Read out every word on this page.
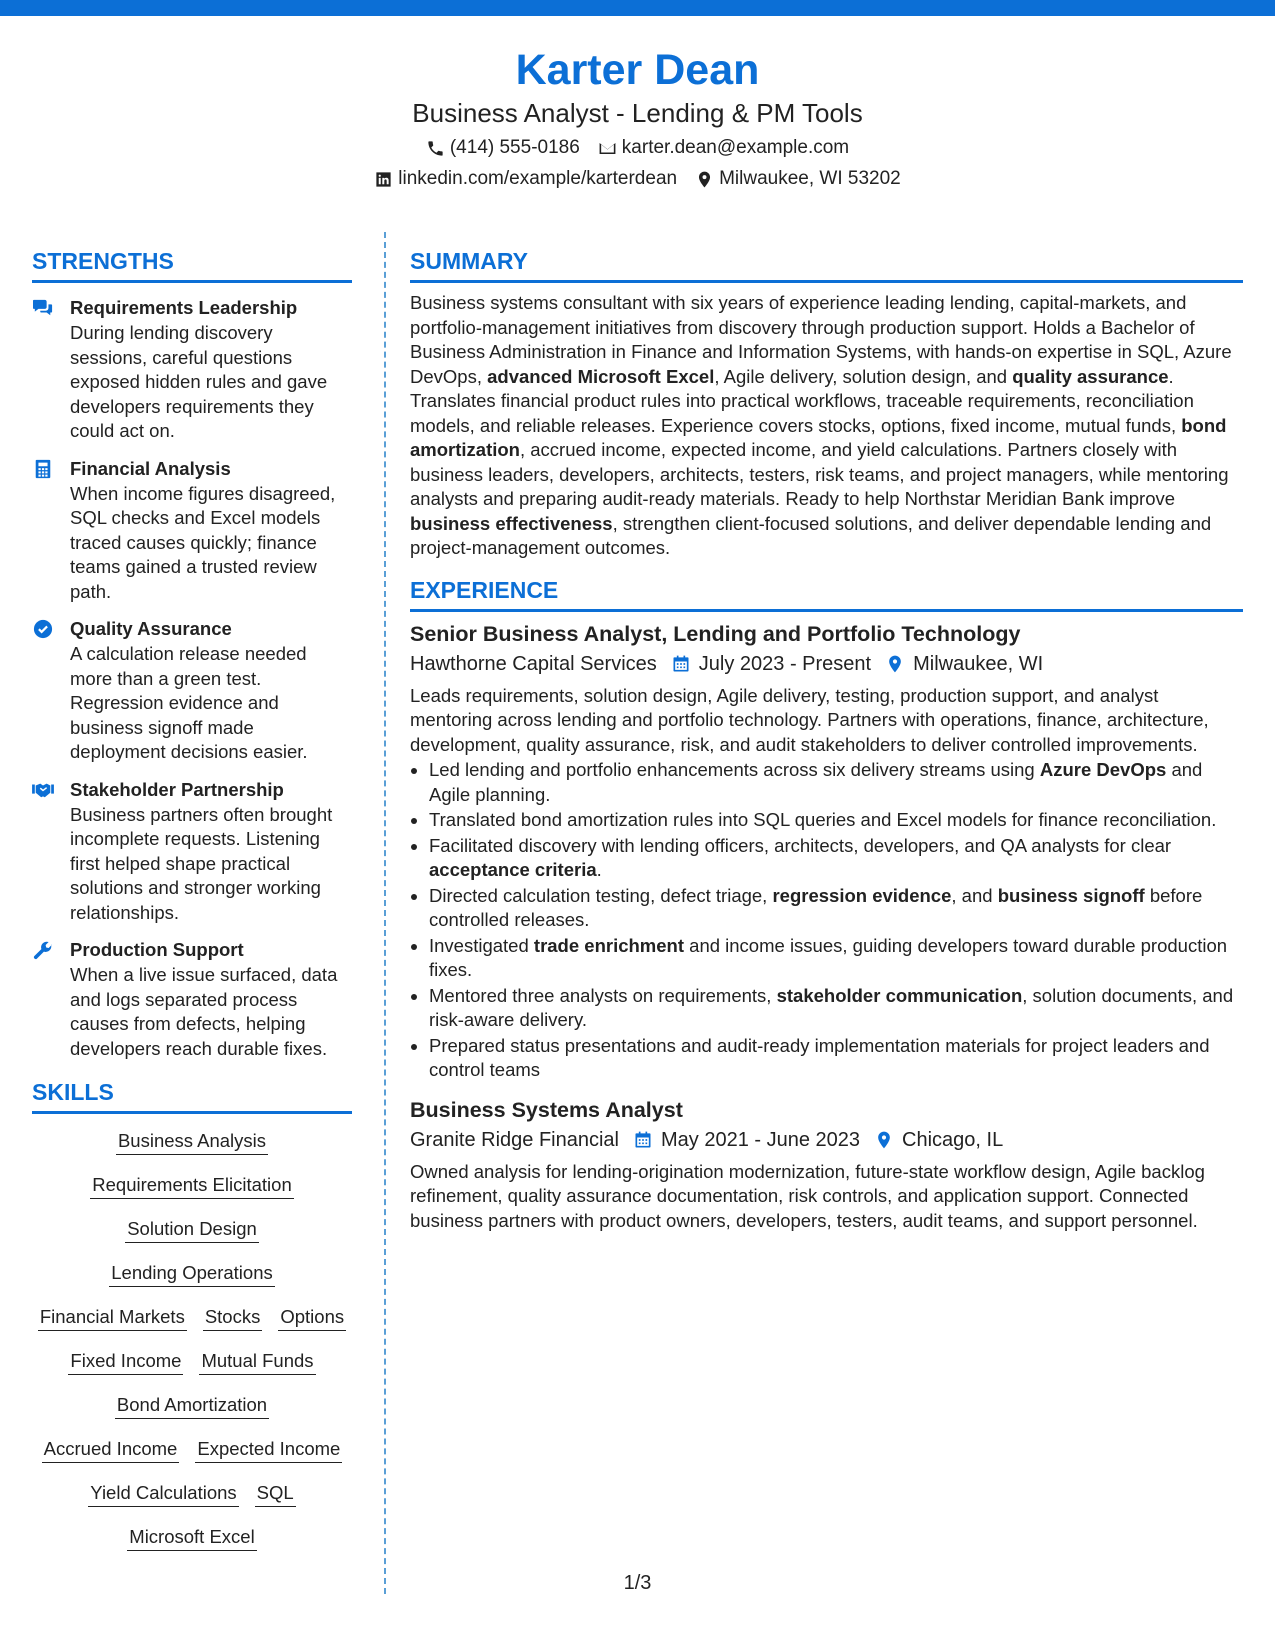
Karter Dean
Business Analyst - Lending & PM Tools
(414) 555-0186 karter.dean@example.com
linkedin.com/example/karterdean Milwaukee, WI 53202
STRENGTHS
Requirements Leadership
During lending discovery sessions, careful questions exposed hidden rules and gave developers requirements they could act on.
Financial Analysis
When income figures disagreed, SQL checks and Excel models traced causes quickly; finance teams gained a trusted review path.
Quality Assurance
A calculation release needed more than a green test. Regression evidence and business signoff made deployment decisions easier.
Stakeholder Partnership
Business partners often brought incomplete requests. Listening first helped shape practical solutions and stronger working relationships.
Production Support
When a live issue surfaced, data and logs separated process causes from defects, helping developers reach durable fixes.
SKILLS
Business Analysis
Requirements Elicitation
Solution Design
Lending Operations
Financial Markets Stocks Options
Fixed Income Mutual Funds
Bond Amortization
Accrued Income Expected Income
Yield Calculations SQL
Microsoft Excel
SUMMARY
Business systems consultant with six years of experience leading lending, capital-markets, and portfolio-management initiatives from discovery through production support. Holds a Bachelor of Business Administration in Finance and Information Systems, with hands-on expertise in SQL, Azure DevOps, advanced Microsoft Excel, Agile delivery, solution design, and quality assurance. Translates financial product rules into practical workflows, traceable requirements, reconciliation models, and reliable releases. Experience covers stocks, options, fixed income, mutual funds, bond amortization, accrued income, expected income, and yield calculations. Partners closely with business leaders, developers, architects, testers, risk teams, and project managers, while mentoring analysts and preparing audit-ready materials. Ready to help Northstar Meridian Bank improve business effectiveness, strengthen client-focused solutions, and deliver dependable lending and project-management outcomes.
EXPERIENCE
Senior Business Analyst, Lending and Portfolio Technology
Hawthorne Capital Services July 2023 - Present Milwaukee, WI
Leads requirements, solution design, Agile delivery, testing, production support, and analyst mentoring across lending and portfolio technology. Partners with operations, finance, architecture, development, quality assurance, risk, and audit stakeholders to deliver controlled improvements.
Led lending and portfolio enhancements across six delivery streams using Azure DevOps and Agile planning.
Translated bond amortization rules into SQL queries and Excel models for finance reconciliation.
Facilitated discovery with lending officers, architects, developers, and QA analysts for clear acceptance criteria.
Directed calculation testing, defect triage, regression evidence, and business signoff before controlled releases.
Investigated trade enrichment and income issues, guiding developers toward durable production fixes.
Mentored three analysts on requirements, stakeholder communication, solution documents, and risk-aware delivery.
Prepared status presentations and audit-ready implementation materials for project leaders and control teams
Business Systems Analyst
Granite Ridge Financial May 2021 - June 2023 Chicago, IL
Owned analysis for lending-origination modernization, future-state workflow design, Agile backlog refinement, quality assurance documentation, risk controls, and application support. Connected business partners with product owners, developers, testers, audit teams, and support personnel.
1/3
